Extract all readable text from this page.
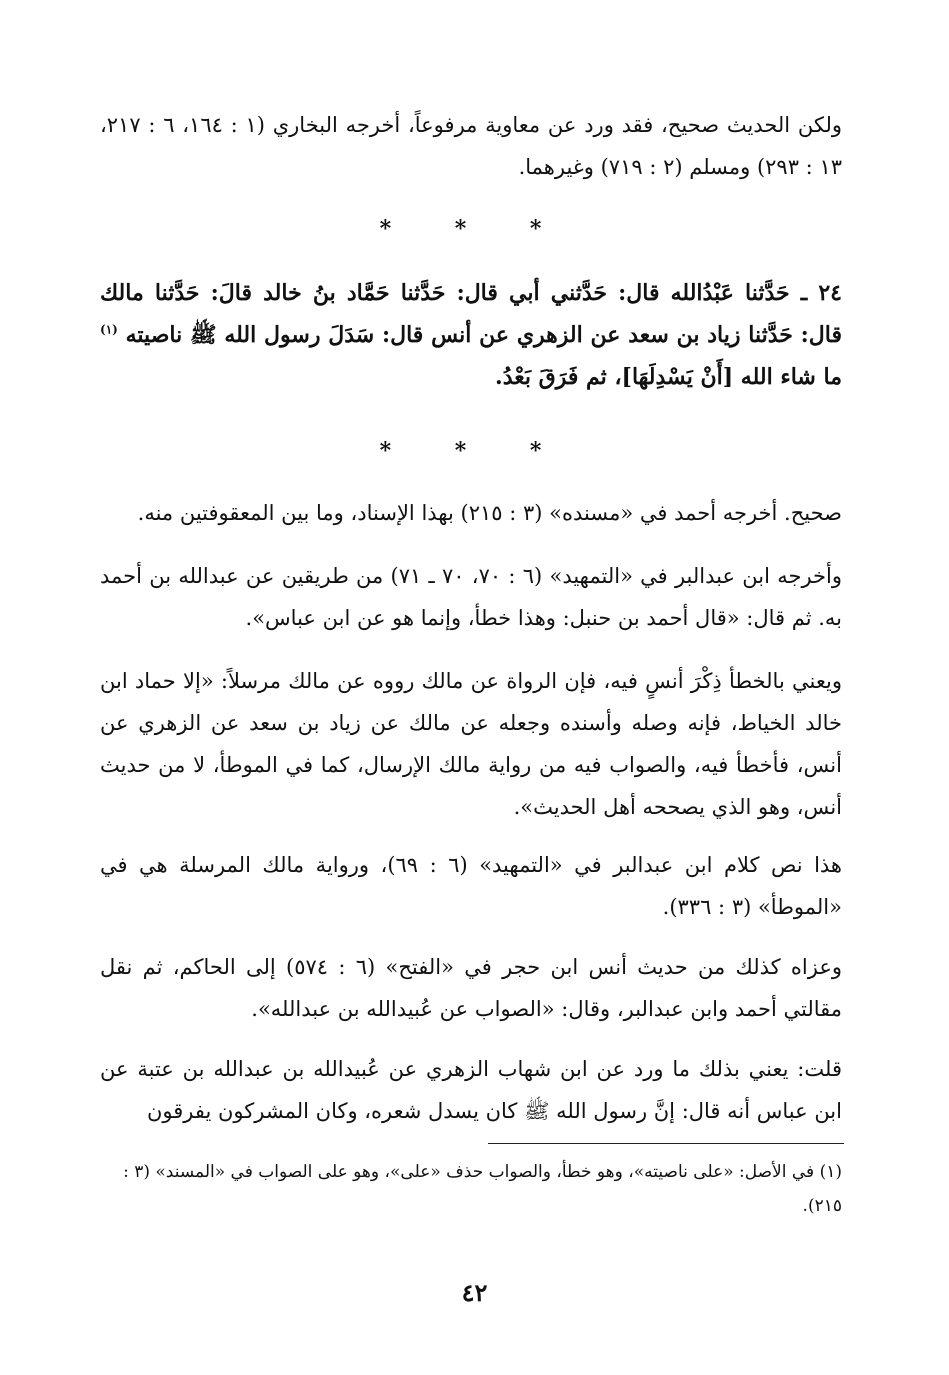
ولكن الحديث صحيح، فقد ورد عن معاوية مرفوعاً، أخرجه البخاري (١ : ١٦٤، ٦ : ٢١٧، ١٣ : ٢٩٣) ومسلم (٢ : ٧١٩) وغيرهما.

* * *

٢٤ ـ حَدَّثنا عَبْدُالله قال: حَدَّثني أبي قال: حَدَّثنا حَمَّاد بنُ خالد قالَ: حَدَّثنا مالك قال: حَدَّثنا زياد بن سعد عن الزهري عن أنس قال: سَدَلَ رسول الله ﷺ ناصيته $^{(١)}$ ما شاء الله [أَنْ يَسْدِلَهَا]، ثم فَرَقَ بَعْدُ.

* * *

صحيح. أخرجه أحمد في «مسنده» (٣ : ٢١٥) بهذا الإسناد، وما بين المعقوفتين منه.

وأخرجه ابن عبدالبر في «التمهيد» (٦ : ٧٠، ٧٠ ـ ٧١) من طريقين عن عبدالله بن أحمد به. ثم قال: «قال أحمد بن حنبل: وهذا خطأ، وإنما هو عن ابن عباس».

ويعني بالخطأ ذِكْرَ أنسٍ فيه، فإن الرواة عن مالك رووه عن مالك مرسلاً: «إلا حماد ابن خالد الخياط، فإنه وصله وأسنده وجعله عن مالك عن زياد بن سعد عن الزهري عن أنس، فأخطأ فيه، والصواب فيه من رواية مالك الإرسال، كما في الموطأ، لا من حديث أنس، وهو الذي يصححه أهل الحديث».

هذا نص كلام ابن عبدالبر في «التمهيد» (٦ : ٦٩)، ورواية مالك المرسلة هي في «الموطأ» (٣ : ٣٣٦).

وعزاه كذلك من حديث أنس ابن حجر في «الفتح» (٦ : ٥٧٤) إلى الحاكم، ثم نقل مقالتي أحمد وابن عبدالبر، وقال: «الصواب عن عُبيدالله بن عبدالله».

قلت: يعني بذلك ما ورد عن ابن شهاب الزهري عن عُبيدالله بن عبدالله بن عتبة عن ابن عباس أنه قال: إنَّ رسول الله ﷺ كان يسدل شعره، وكان المشركون يفرقون

(١) في الأصل: «على ناصيته»، وهو خطأ، والصواب حذف «على»، وهو على الصواب في «المسند» (٣ : ٢١٥).

٤٢
